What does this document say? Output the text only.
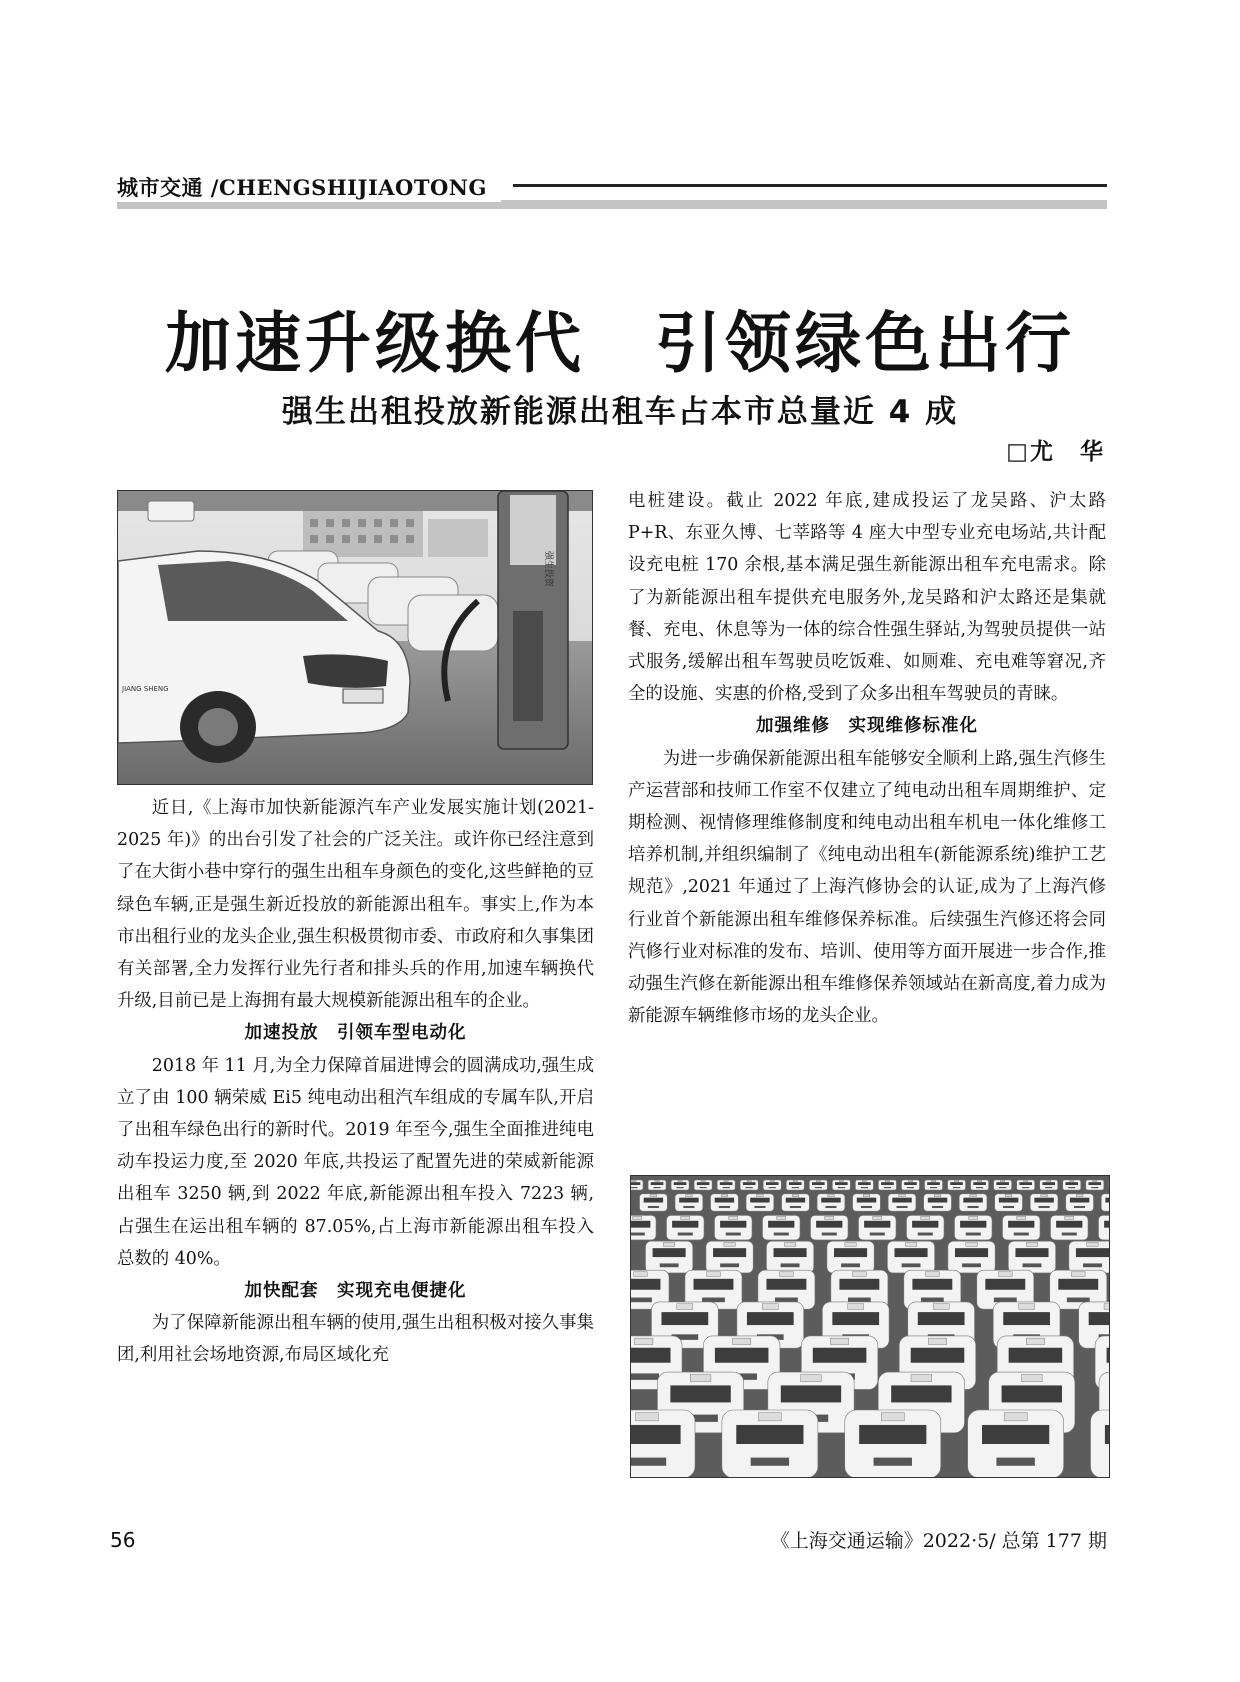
城市交通 /CHENGSHIJIAOTONG
加速升级换代　引领绿色出行
强生出租投放新能源出租车占本市总量近 4 成
□尤　华
JIANG SHENG
强生投资

近日,《上海市加快新能源汽车产业发展实施计划(2021-2025 年)》的出台引发了社会的广泛关注。或许你已经注意到了在大街小巷中穿行的强生出租车身颜色的变化,这些鲜艳的豆绿色车辆,正是强生新近投放的新能源出租车。事实上,作为本市出租行业的龙头企业,强生积极贯彻市委、市政府和久事集团有关部署,全力发挥行业先行者和排头兵的作用,加速车辆换代升级,目前已是上海拥有最大规模新能源出租车的企业。

加速投放　引领车型电动化

2018 年 11 月,为全力保障首届进博会的圆满成功,强生成立了由 100 辆荣威 Ei5 纯电动出租汽车组成的专属车队,开启了出租车绿色出行的新时代。2019 年至今,强生全面推进纯电动车投运力度,至 2020 年底,共投运了配置先进的荣威新能源出租车 3250 辆,到 2022 年底,新能源出租车投入 7223 辆,占强生在运出租车辆的 87.05%,占上海市新能源出租车投入总数的 40%。

加快配套　实现充电便捷化

为了保障新能源出租车辆的使用,强生出租积极对接久事集团,利用社会场地资源,布局区域化充

电桩建设。截止 2022 年底,建成投运了龙吴路、沪太路 P+R、东亚久博、七莘路等 4 座大中型专业充电场站,共计配设充电桩 170 余根,基本满足强生新能源出租车充电需求。除了为新能源出租车提供充电服务外,龙吴路和沪太路还是集就餐、充电、休息等为一体的综合性强生驿站,为驾驶员提供一站式服务,缓解出租车驾驶员吃饭难、如厕难、充电难等窘况,齐全的设施、实惠的价格,受到了众多出租车驾驶员的青睐。

加强维修　实现维修标准化

为进一步确保新能源出租车能够安全顺利上路,强生汽修生产运营部和技师工作室不仅建立了纯电动出租车周期维护、定期检测、视情修理维修制度和纯电动出租车机电一体化维修工培养机制,并组织编制了《纯电动出租车(新能源系统)维护工艺规范》,2021 年通过了上海汽修协会的认证,成为了上海汽修行业首个新能源出租车维修保养标准。后续强生汽修还将会同汽修行业对标准的发布、培训、使用等方面开展进一步合作,推动强生汽修在新能源出租车维修保养领域站在新高度,着力成为新能源车辆维修市场的龙头企业。

56	《上海交通运输》2022·5/ 总第 177 期
